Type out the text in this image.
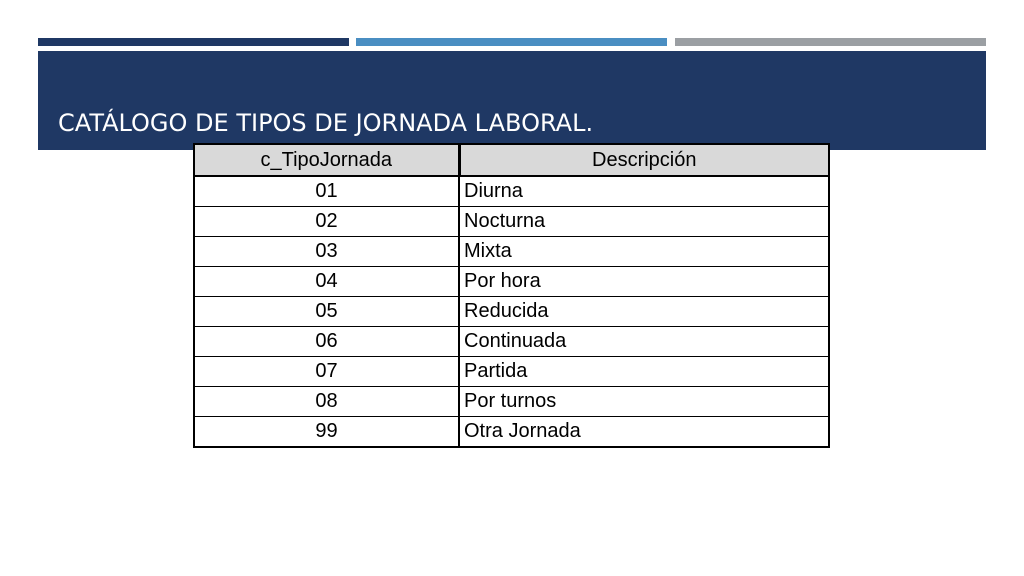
CATÁLOGO DE TIPOS DE JORNADA LABORAL.
c_TipoJornada	Descripción
01	Diurna
02	Nocturna
03	Mixta
04	Por hora
05	Reducida
06	Continuada
07	Partida
08	Por turnos
99	Otra Jornada
